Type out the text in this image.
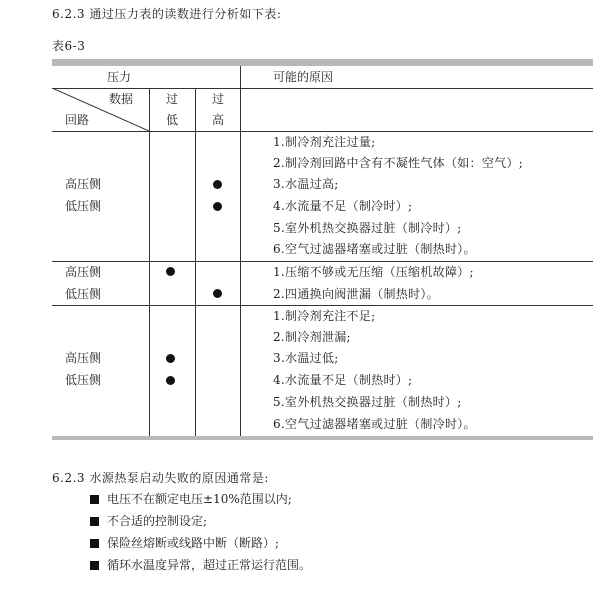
6.2.3 通过压力表的读数进行分析如下表:
表6-3
压力	可能的原因
数据
回路
过
低
过
高
高压侧
低压侧
1.制冷剂充注过量;
2.制冷剂回路中含有不凝性气体（如：空气）;
3.水温过高;
4.水流量不足（制冷时）;
5.室外机热交换器过脏（制冷时）;
6.空气过滤器堵塞或过脏（制热时）。
高压侧
低压侧
1.压缩不够或无压缩（压缩机故障）;
2.四通换向阀泄漏（制热时）。
高压侧
低压侧
1.制冷剂充注不足;
2.制冷剂泄漏;
3.水温过低;
4.水流量不足（制热时）;
5.室外机热交换器过脏（制热时）;
6.空气过滤器堵塞或过脏（制冷时）。
6.2.3 水源热泵启动失败的原因通常是:
电压不在额定电压±10%范围以内;
不合适的控制设定;
保险丝熔断或线路中断（断路）;
循环水温度异常，超过正常运行范围。
